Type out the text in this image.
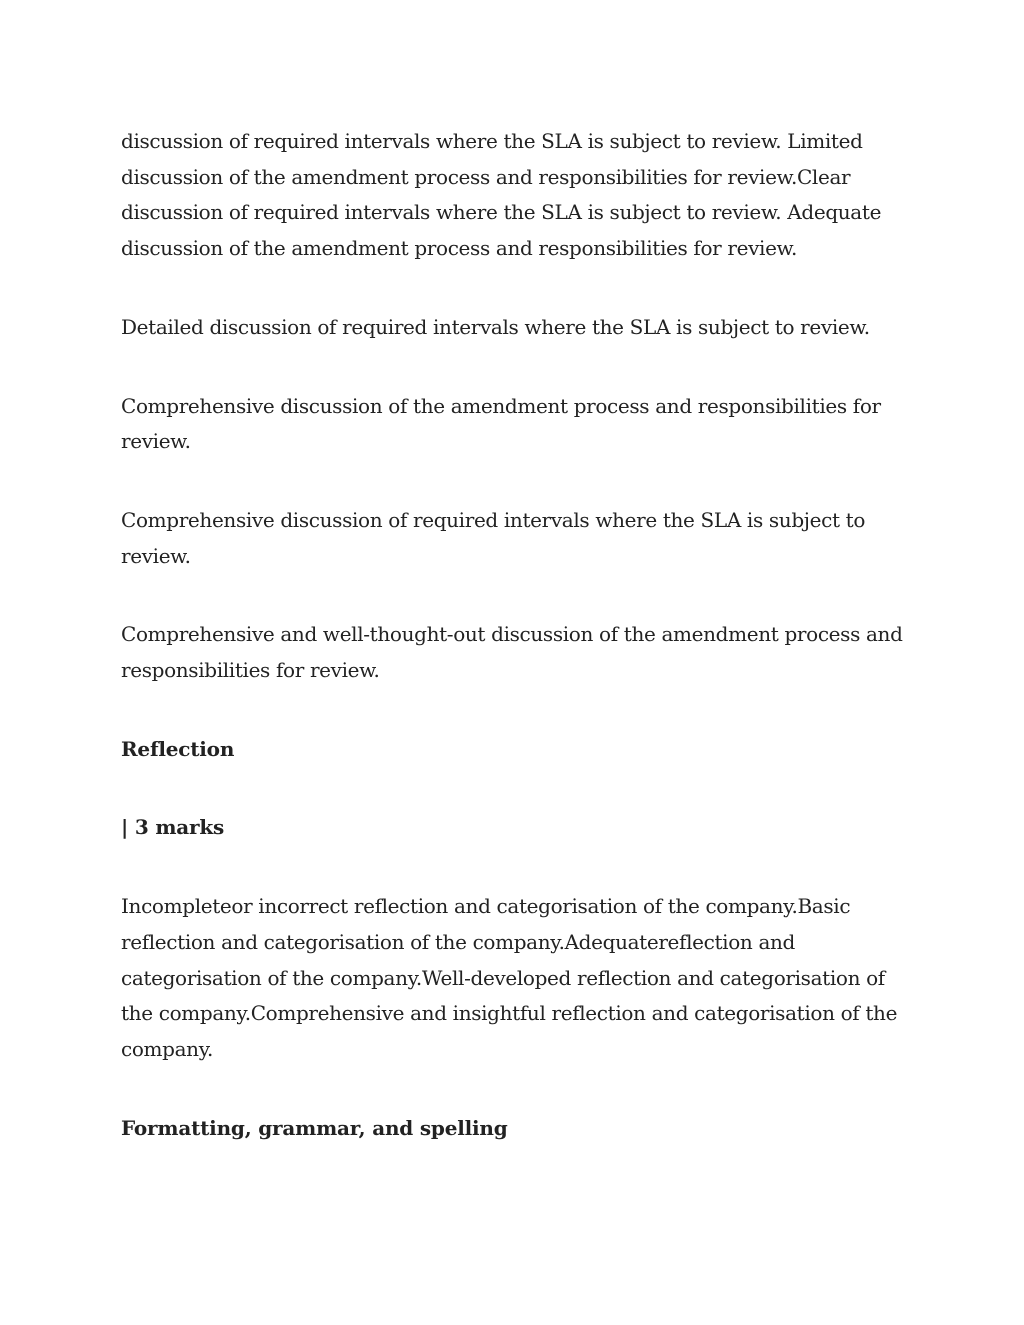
discussion of required intervals where the SLA is subject to review. Limited discussion of the amendment process and responsibilities for review.Clear discussion of required intervals where the SLA is subject to review. Adequate discussion of the amendment process and responsibilities for review.

Detailed discussion of required intervals where the SLA is subject to review.

Comprehensive discussion of the amendment process and responsibilities for review.

Comprehensive discussion of required intervals where the SLA is subject to review.

Comprehensive and well-thought-out discussion of the amendment process and responsibilities for review.

Reflection

| 3 marks

Incompleteor incorrect reflection and categorisation of the company.Basic reflection and categorisation of the company.Adequatereflection and categorisation of the company.Well-developed reflection and categorisation of the company.Comprehensive and insightful reflection and categorisation of the company.

Formatting, grammar, and spelling
